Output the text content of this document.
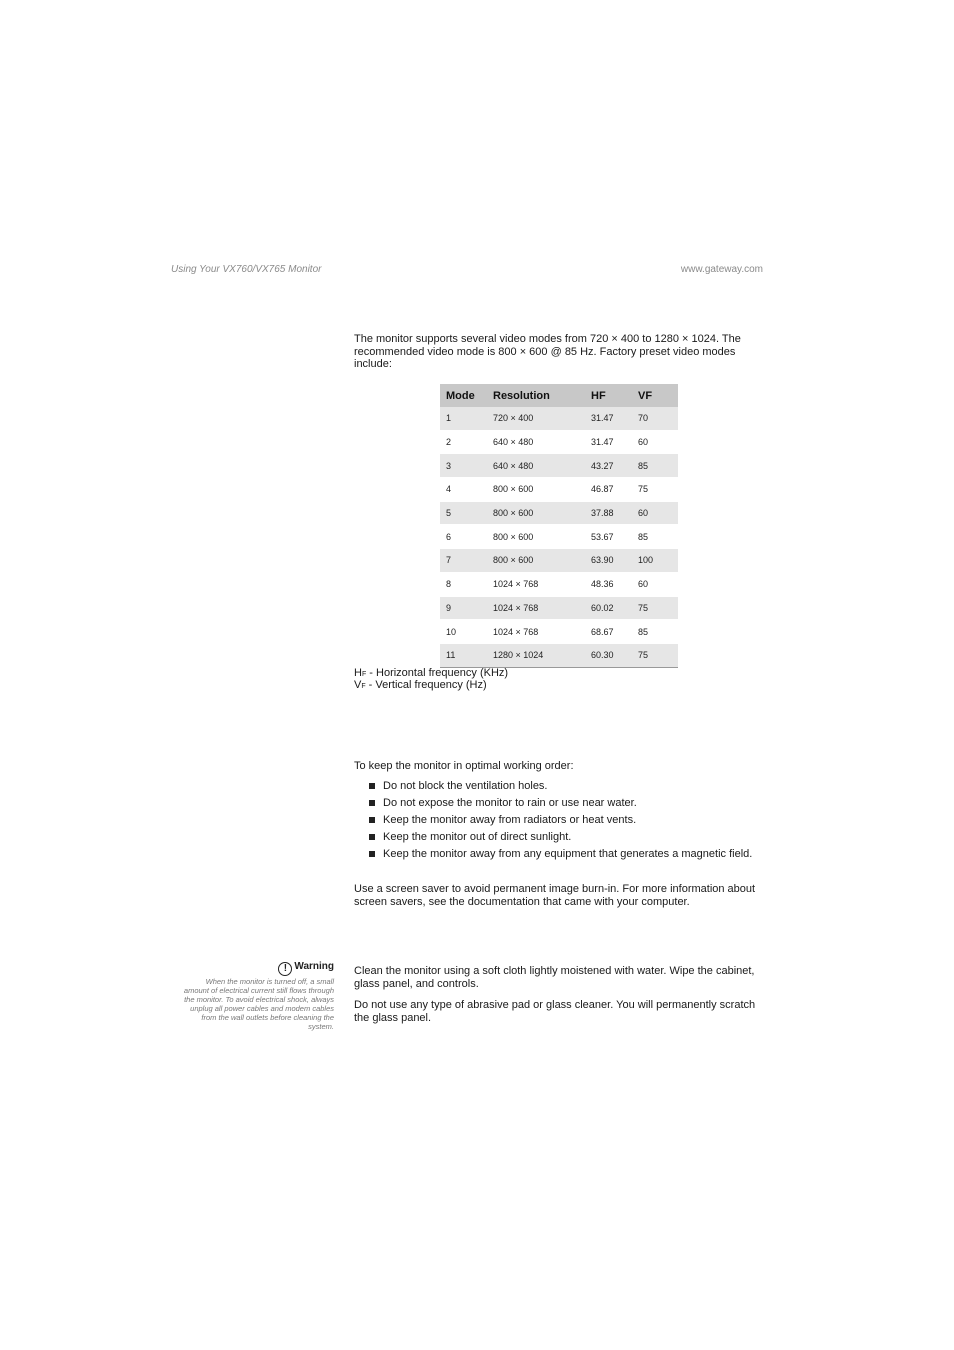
Using Your VX760/VX765 Monitor	www.gateway.com

The monitor supports several video modes from 720 × 400 to 1280 × 1024. The recommended video mode is 800 × 600 @ 85 Hz. Factory preset video modes include:

Mode	Resolution	HF	VF
1	720 × 400	31.47	70
2	640 × 480	31.47	60
3	640 × 480	43.27	85
4	800 × 600	46.87	75
5	800 × 600	37.88	60
6	800 × 600	53.67	85
7	800 × 600	63.90	100
8	1024 × 768	48.36	60
9	1024 × 768	60.02	75
10	1024 × 768	68.67	85
11	1280 × 1024	60.30	75
HF - Horizontal frequency (KHz)
VF - Vertical frequency (Hz)

To keep the monitor in optimal working order:

Do not block the ventilation holes.
Do not expose the monitor to rain or use near water.
Keep the monitor away from radiators or heat vents.
Keep the monitor out of direct sunlight.
Keep the monitor away from any equipment that generates a magnetic field.

Use a screen saver to avoid permanent image burn-in. For more information about screen savers, see the documentation that came with your computer.

! Warning
When the monitor is turned off, a small amount of electrical current still flows through the monitor. To avoid electrical shock, always unplug all power cables and modem cables from the wall outlets before cleaning the system.

Clean the monitor using a soft cloth lightly moistened with water. Wipe the cabinet, glass panel, and controls.

Do not use any type of abrasive pad or glass cleaner. You will permanently scratch the glass panel.
